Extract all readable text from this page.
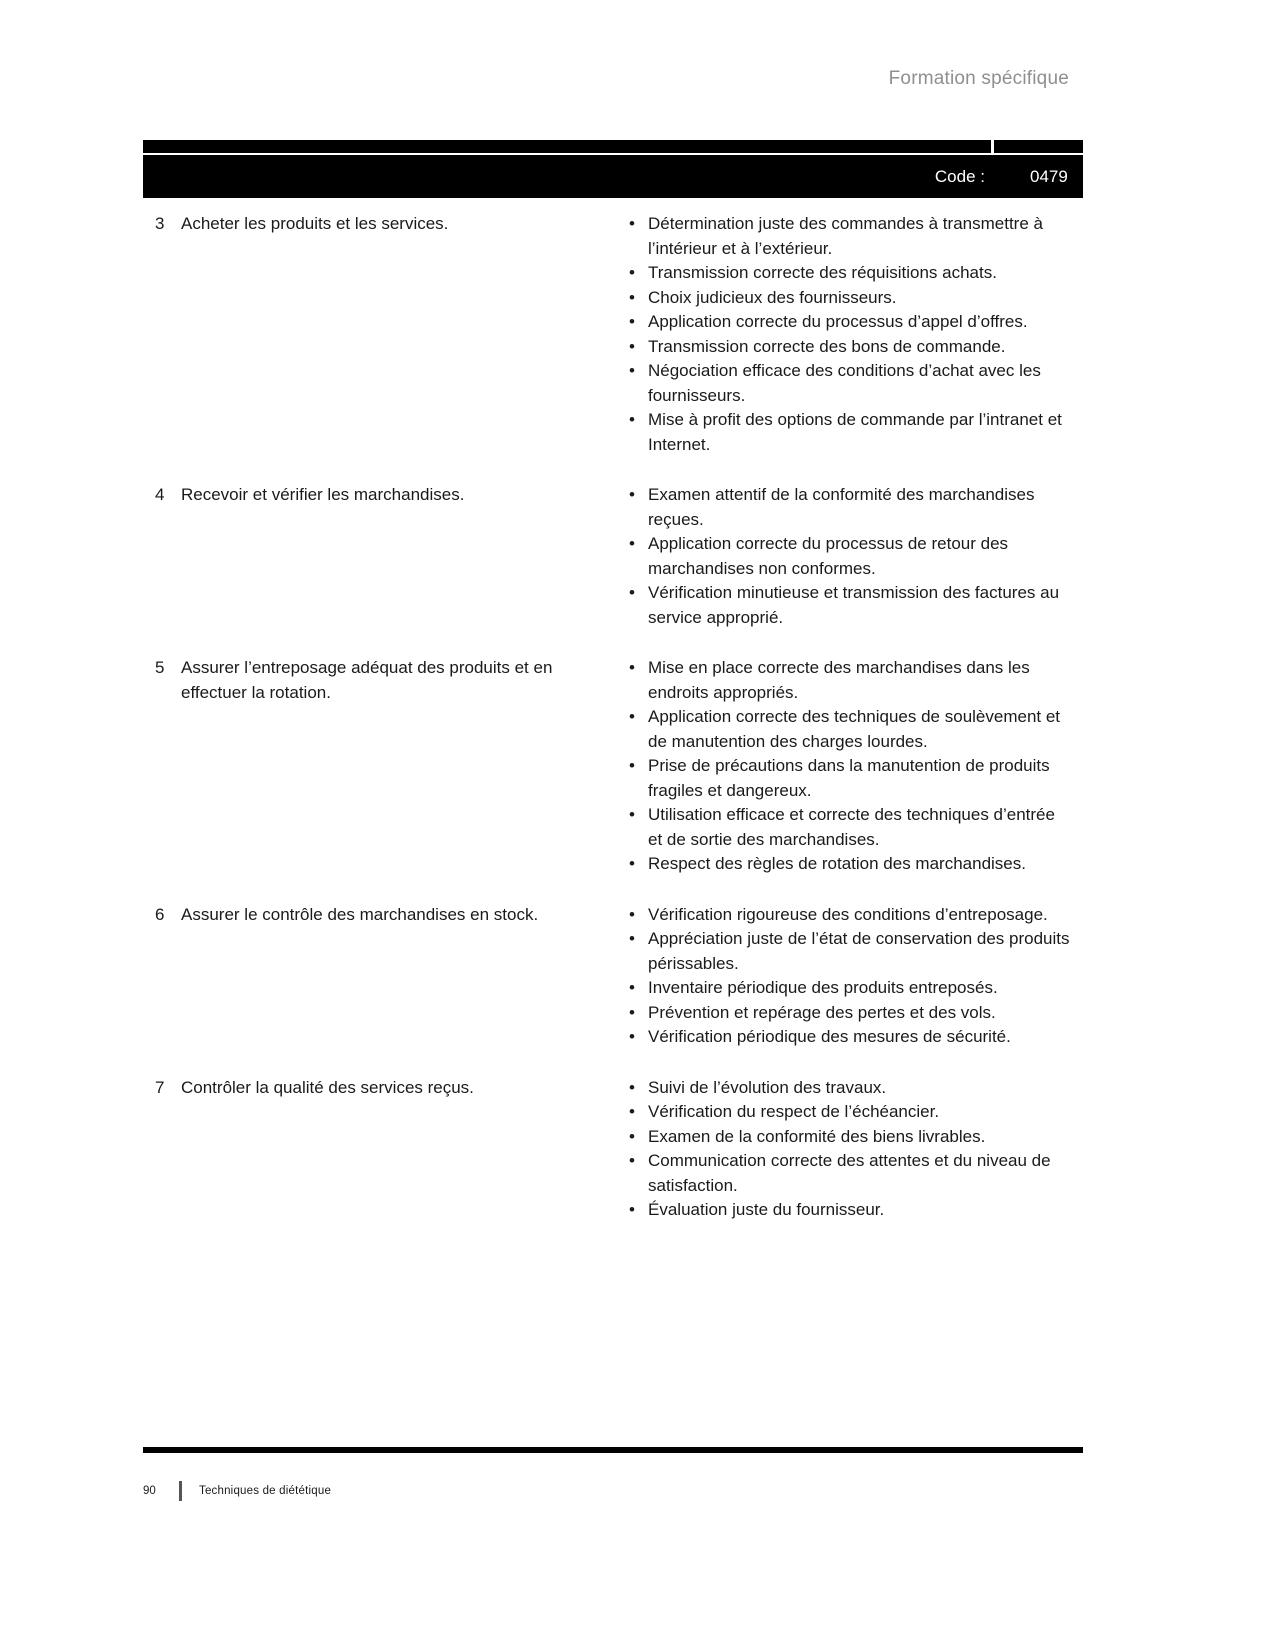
Formation spécifique
Code :	0479
3 Acheter les produits et les services.	• Détermination juste des commandes à transmettre à l’intérieur et à l’extérieur.
• Transmission correcte des réquisitions achats.
• Choix judicieux des fournisseurs.
• Application correcte du processus d’appel d’offres.
• Transmission correcte des bons de commande.
• Négociation efficace des conditions d’achat avec les fournisseurs.
• Mise à profit des options de commande par l’intranet et Internet.
4 Recevoir et vérifier les marchandises.	• Examen attentif de la conformité des marchandises reçues.
• Application correcte du processus de retour des marchandises non conformes.
• Vérification minutieuse et transmission des factures au service approprié.
5 Assurer l’entreposage adéquat des produits et en effectuer la rotation.
• Mise en place correcte des marchandises dans les endroits appropriés.
• Application correcte des techniques de soulèvement et de manutention des charges lourdes.
• Prise de précautions dans la manutention de produits fragiles et dangereux.
• Utilisation efficace et correcte des techniques d’entrée et de sortie des marchandises.
• Respect des règles de rotation des marchandises.
6 Assurer le contrôle des marchandises en stock.	• Vérification rigoureuse des conditions d’entreposage.
• Appréciation juste de l’état de conservation des produits périssables.
• Inventaire périodique des produits entreposés.
• Prévention et repérage des pertes et des vols.
• Vérification périodique des mesures de sécurité.
7 Contrôler la qualité des services reçus.	• Suivi de l’évolution des travaux.
• Vérification du respect de l’échéancier.
• Examen de la conformité des biens livrables.
• Communication correcte des attentes et du niveau de satisfaction.
• Évaluation juste du fournisseur.
90	Techniques de diététique
